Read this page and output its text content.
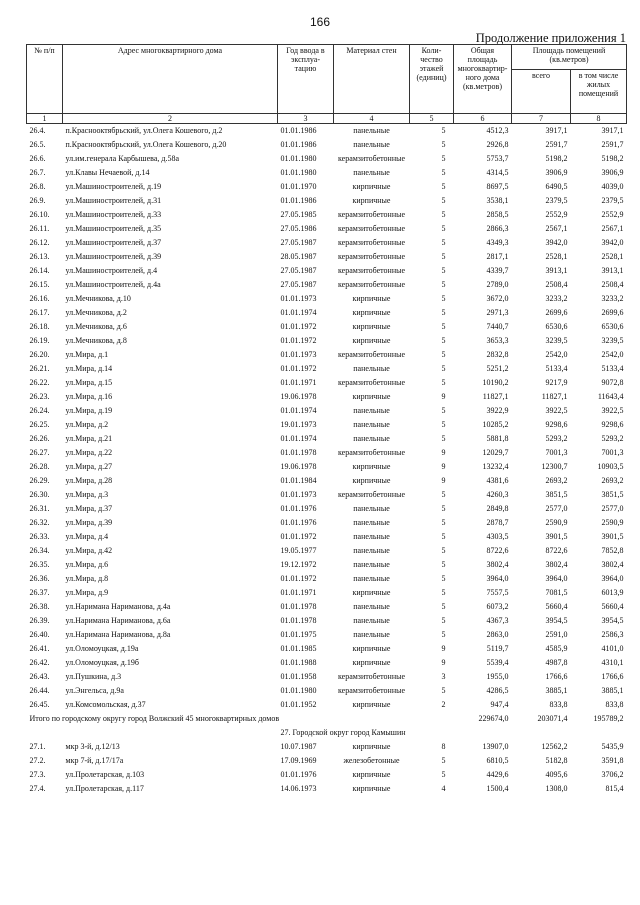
166
Продолжение приложения 1
№ п/п	Адрес многоквартирного дома	Год ввода в эксплуа- тацию	Материал стен	Коли- чество этажей (единиц)	Общая площадь многоквартир- ного дома (кв.метров)	Площадь помещений (кв.метров)	
						всего	в том числе жилых помещений
1	2	3	4	5	6	7	8
26.4.	п.Краснооктябрьский, ул.Олега Кошевого, д.2	01.01.1986	панельные	5	4512,3	3917,1	3917,1
26.5.	п.Краснооктябрьский, ул.Олега Кошевого, д.20	01.01.1986	панельные	5	2926,8	2591,7	2591,7
26.6.	ул.им.генерала Карбышева, д.58а	01.01.1980	керамзитобетонные	5	5753,7	5198,2	5198,2
26.7.	ул.Клавы Нечаевой, д.14	01.01.1980	панельные	5	4314,5	3906,9	3906,9
26.8.	ул.Машиностроителей, д.19	01.01.1970	кирпичные	5	8697,5	6490,5	4039,0
26.9.	ул.Машиностроителей, д.31	01.01.1986	кирпичные	5	3538,1	2379,5	2379,5
26.10.	ул.Машиностроителей, д.33	27.05.1985	керамзитобетонные	5	2858,5	2552,9	2552,9
26.11.	ул.Машиностроителей, д.35	27.05.1986	керамзитобетонные	5	2866,3	2567,1	2567,1
26.12.	ул.Машиностроителей, д.37	27.05.1987	керамзитобетонные	5	4349,3	3942,0	3942,0
26.13.	ул.Машиностроителей, д.39	28.05.1987	керамзитобетонные	5	2817,1	2528,1	2528,1
26.14.	ул.Машиностроителей, д.4	27.05.1987	керамзитобетонные	5	4339,7	3913,1	3913,1
26.15.	ул.Машиностроителей, д.4а	27.05.1987	керамзитобетонные	5	2789,0	2508,4	2508,4
26.16.	ул.Мечникова, д.10	01.01.1973	кирпичные	5	3672,0	3233,2	3233,2
26.17.	ул.Мечникова, д.2	01.01.1974	кирпичные	5	2971,3	2699,6	2699,6
26.18.	ул.Мечникова, д.6	01.01.1972	кирпичные	5	7440,7	6530,6	6530,6
26.19.	ул.Мечникова, д.8	01.01.1972	кирпичные	5	3653,3	3239,5	3239,5
26.20.	ул.Мира, д.1	01.01.1973	керамзитобетонные	5	2832,8	2542,0	2542,0
26.21.	ул.Мира, д.14	01.01.1972	панельные	5	5251,2	5133,4	5133,4
26.22.	ул.Мира, д.15	01.01.1971	керамзитобетонные	5	10190,2	9217,9	9072,8
26.23.	ул.Мира, д.16	19.06.1978	кирпичные	9	11827,1	11827,1	11643,4
26.24.	ул.Мира, д.19	01.01.1974	панельные	5	3922,9	3922,5	3922,5
26.25.	ул.Мира, д.2	19.01.1973	панельные	5	10285,2	9298,6	9298,6
26.26.	ул.Мира, д.21	01.01.1974	панельные	5	5881,8	5293,2	5293,2
26.27.	ул.Мира, д.22	01.01.1978	керамзитобетонные	9	12029,7	7001,3	7001,3
26.28.	ул.Мира, д.27	19.06.1978	кирпичные	9	13232,4	12300,7	10903,5
26.29.	ул.Мира, д.28	01.01.1984	кирпичные	9	4381,6	2693,2	2693,2
26.30.	ул.Мира, д.3	01.01.1973	керамзитобетонные	5	4260,3	3851,5	3851,5
26.31.	ул.Мира, д.37	01.01.1976	панельные	5	2849,8	2577,0	2577,0
26.32.	ул.Мира, д.39	01.01.1976	панельные	5	2878,7	2590,9	2590,9
26.33.	ул.Мира, д.4	01.01.1972	панельные	5	4303,5	3901,5	3901,5
26.34.	ул.Мира, д.42	19.05.1977	панельные	5	8722,6	8722,6	7852,8
26.35.	ул.Мира, д.6	19.12.1972	панельные	5	3802,4	3802,4	3802,4
26.36.	ул.Мира, д.8	01.01.1972	панельные	5	3964,0	3964,0	3964,0
26.37.	ул.Мира, д.9	01.01.1971	кирпичные	5	7557,5	7081,5	6013,9
26.38.	ул.Наримана Нариманова, д.4а	01.01.1978	панельные	5	6073,2	5660,4	5660,4
26.39.	ул.Наримана Нариманова, д.6а	01.01.1978	панельные	5	4367,3	3954,5	3954,5
26.40.	ул.Наримана Нариманова, д.8а	01.01.1975	панельные	5	2863,0	2591,0	2586,3
26.41.	ул.Оломоуцкая, д.19а	01.01.1985	кирпичные	9	5119,7	4585,9	4101,0
26.42.	ул.Оломоуцкая, д.19б	01.01.1988	кирпичные	9	5539,4	4987,8	4310,1
26.43.	ул.Пушкина, д.3	01.01.1958	керамзитобетонные	3	1955,0	1766,6	1766,6
26.44.	ул.Энгельса, д.9а	01.01.1980	керамзитобетонные	5	4286,5	3885,1	3885,1
26.45.	ул.Комсомольская, д.37	01.01.1952	кирпичные	2	947,4	833,8	833,8
Итого по городскому округу город Волжский 45 многоквартирных домов					229674,0	203071,4	195789,2
		27. Городской округ город Камышин					
27.1.	мкр 3-й, д.12/13	10.07.1987	кирпичные	8	13907,0	12562,2	5435,9
27.2.	мкр 7-й, д.17/17а	17.09.1969	железобетонные	5	6810,5	5182,8	3591,8
27.3.	ул.Пролетарская, д.103	01.01.1976	кирпичные	5	4429,6	4095,6	3706,2
27.4.	ул.Пролетарская, д.117	14.06.1973	кирпичные	4	1500,4	1308,0	815,4
